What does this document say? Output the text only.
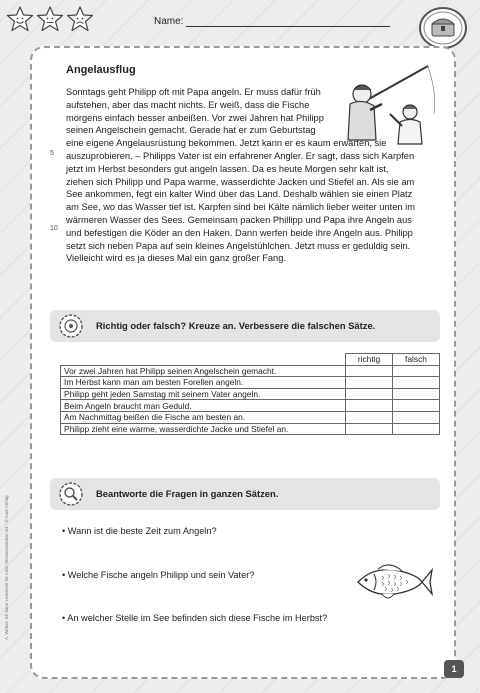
Name:
Angelausflug
Sonntags geht Philipp oft mit Papa angeln. Er muss dafür früh
aufstehen, aber das macht nichts. Er weiß, dass die Fische
morgens einfach besser anbeißen. Vor zwei Jahren hat Philipp
seinen Angelschein gemacht. Gerade hat er zum Geburtstag
eine eigene Angelausrüstung bekommen. Jetzt kann er es kaum erwarten, sie
auszuprobieren. – Philipps Vater ist ein erfahrener Angler. Er sagt, dass sich Karpfen
jetzt im Herbst besonders gut angeln lassen. Da es heute Morgen sehr kalt ist,
ziehen sich Philipp und Papa warme, wasserdichte Jacken und Stiefel an. Als sie am
See ankommen, fegt ein kalter Wind über das Land. Deshalb wählen sie einen Platz
am See, wo das Wasser tief ist. Karpfen sind bei Kälte nämlich lieber weiter unten im
wärmeren Wasser des Sees. Gemeinsam packen Phillipp und Papa ihre Angeln aus
und befestigen die Köder an den Haken. Dann werfen beide ihre Angeln aus. Philipp
setzt sich neben Papa auf sein kleines Angelstühlchen. Jetzt muss er geduldig sein.
Vielleicht wird es ja dieses Mal ein ganz großer Fang.
5
10
Richtig oder falsch? Kreuze an. Verbessere die falschen Sätze.
	richtig	falsch
Vor zwei Jahren hat Philipp seinen Angelschein gemacht.		
Im Herbst kann man am besten Forellen angeln.		
Philipp geht jeden Samstag mit seinem Vater angeln.		
Beim Angeln braucht man Geduld.		
Am Nachmittag beißen die Fische am besten an.		
Philipp zieht eine warme, wasserdichte Jacke und Stiefel an.		
Beantworte die Fragen in ganzen Sätzen.
• Wann ist die beste Zeit zum Angeln?
• Welche Fische angeln Philipp und sein Vater?
• An welcher Stelle im See befinden sich diese Fische im Herbst?
A. Weber: Ich kann Lesetexte für mein Textverständnis 3/4 · © Auer Verlag
1
